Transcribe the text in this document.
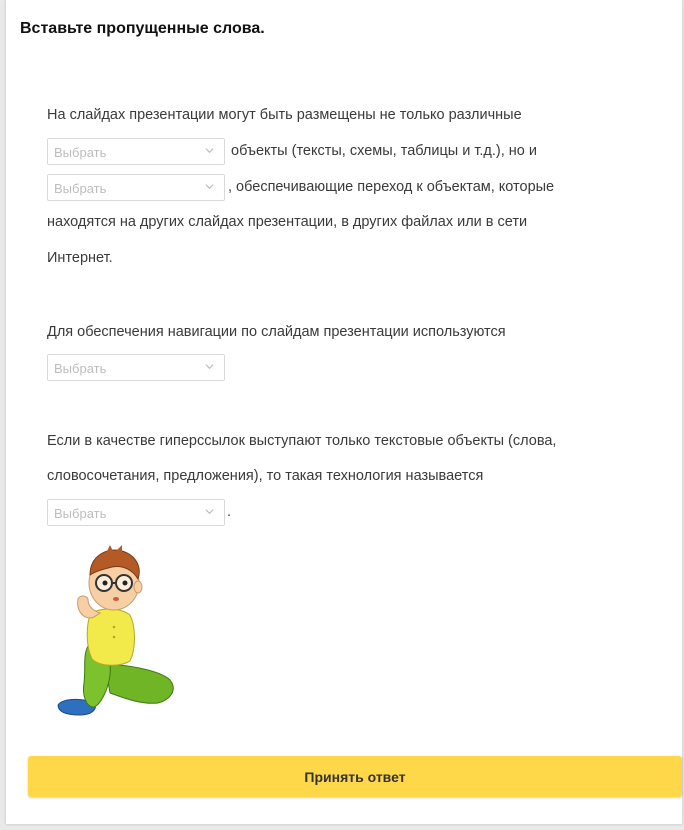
Вставьте пропущенные слова.
На слайдах презентации могут быть размещены не только различные
Выбрать	объекты (тексты, схемы, таблицы и т.д.), но и
Выбрать	, обеспечивающие переход к объектам, которые
находятся на других слайдах презентации, в других файлах или в сети
Интернет.
Для обеспечения навигации по слайдам презентации используются
Выбрать
Если в качестве гиперссылок выступают только текстовые объекты (слова,
словосочетания, предложения), то такая технология называется
Выбрать	.
Принять ответ
